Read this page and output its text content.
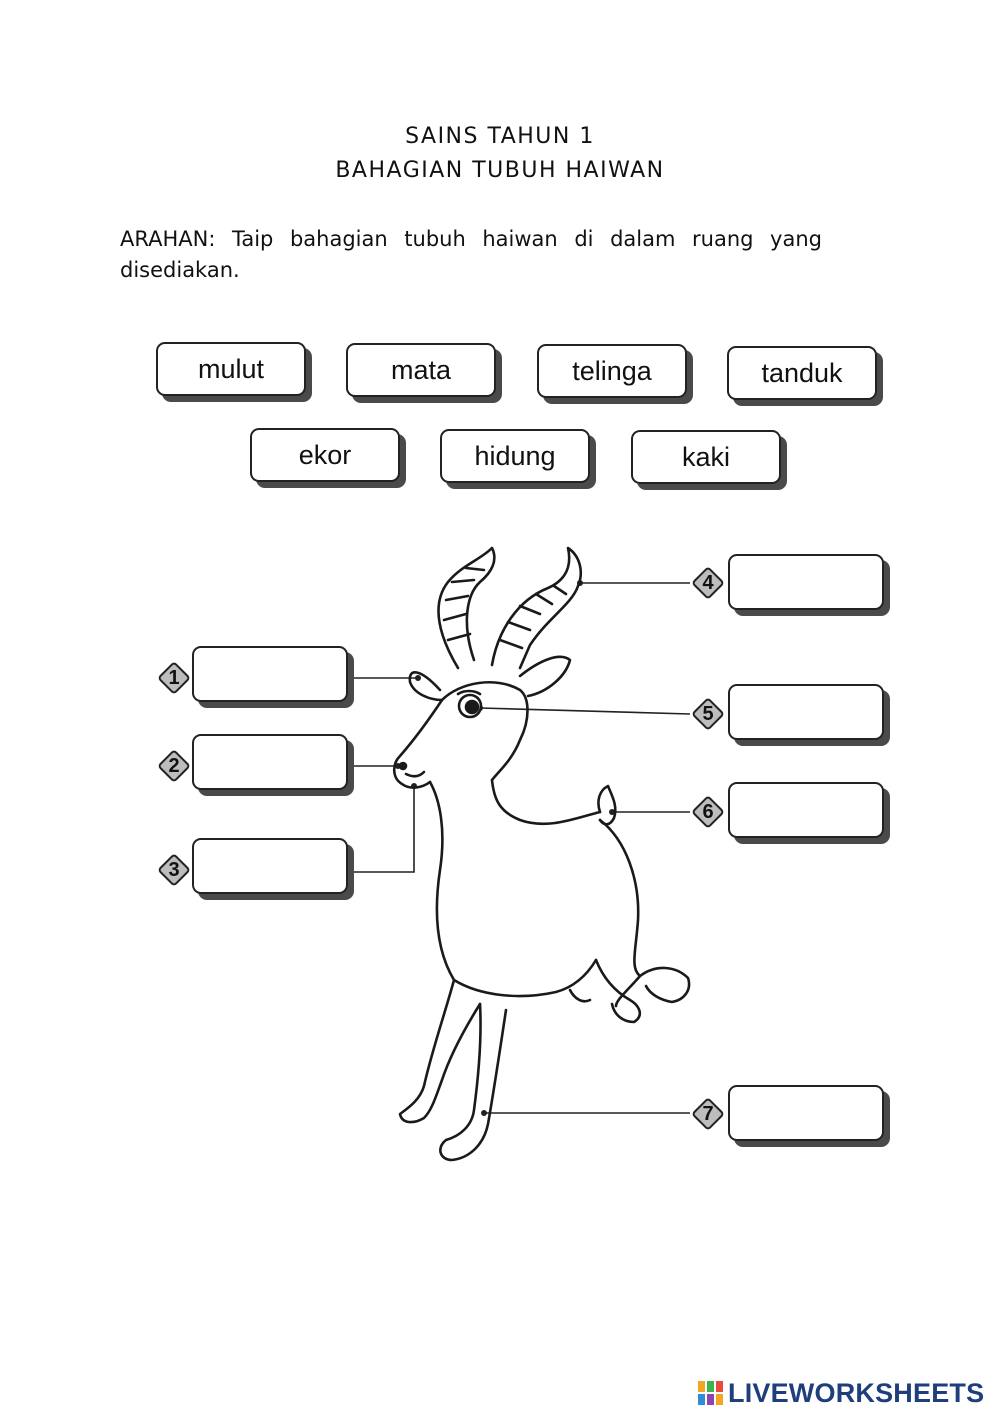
SAINS TAHUN 1
BAHAGIAN TUBUH HAIWAN
ARAHAN: Taip bahagian tubuh haiwan di dalam ruang yang disediakan.
mulut	mata	telinga	tanduk
ekor	hidung	kaki
1
2
3
4
5
6
7
LIVEWORKSHEETS
